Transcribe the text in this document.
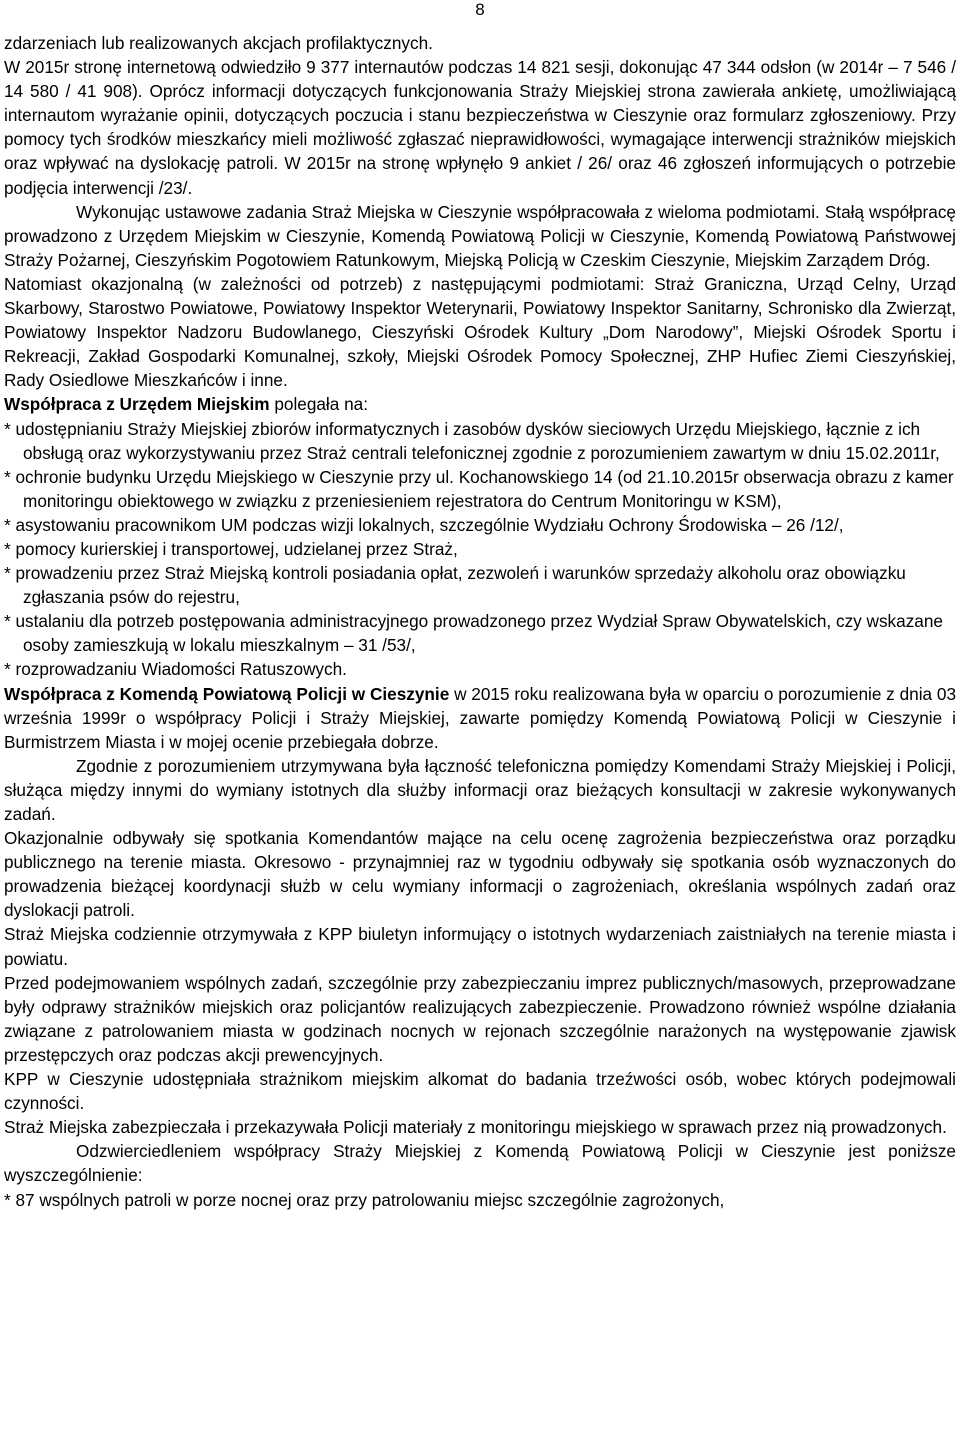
8

zdarzeniach lub realizowanych akcjach profilaktycznych.

W 2015r stronę internetową odwiedziło 9 377 internautów podczas 14 821 sesji, dokonując 47 344 odsłon (w 2014r – 7 546 / 14 580 / 41 908). Oprócz informacji dotyczących funkcjonowania Straży Miejskiej strona zawierała ankietę, umożliwiającą internautom wyrażanie opinii, dotyczących poczucia i stanu bezpieczeństwa w Cieszynie oraz formularz zgłoszeniowy. Przy pomocy tych środków mieszkańcy mieli możliwość zgłaszać nieprawidłowości, wymagające interwencji strażników miejskich oraz wpływać na dyslokację patroli. W 2015r na stronę wpłynęło 9 ankiet / 26/ oraz 46 zgłoszeń informujących o potrzebie podjęcia interwencji /23/.

Wykonując ustawowe zadania Straż Miejska w Cieszynie współpracowała z wieloma podmiotami. Stałą współpracę prowadzono z Urzędem Miejskim w Cieszynie, Komendą Powiatową Policji w Cieszynie, Komendą Powiatową Państwowej Straży Pożarnej, Cieszyńskim Pogotowiem Ratunkowym, Miejską Policją w Czeskim Cieszynie, Miejskim Zarządem Dróg.

Natomiast okazjonalną (w zależności od potrzeb) z następującymi podmiotami: Straż Graniczna, Urząd Celny, Urząd Skarbowy, Starostwo Powiatowe, Powiatowy Inspektor Weterynarii, Powiatowy Inspektor Sanitarny, Schronisko dla Zwierząt, Powiatowy Inspektor Nadzoru Budowlanego, Cieszyński Ośrodek Kultury „Dom Narodowy”, Miejski Ośrodek Sportu i Rekreacji, Zakład Gospodarki Komunalnej, szkoły, Miejski Ośrodek Pomocy Społecznej, ZHP Hufiec Ziemi Cieszyńskiej, Rady Osiedlowe Mieszkańców i inne.

Współpraca z Urzędem Miejskim polegała na:

* udostępnianiu Straży Miejskiej zbiorów informatycznych i zasobów dysków sieciowych Urzędu Miejskiego, łącznie z ich obsługą oraz wykorzystywaniu przez Straż centrali telefonicznej zgodnie z porozumieniem zawartym w dniu 15.02.2011r,

* ochronie budynku Urzędu Miejskiego w Cieszynie przy ul. Kochanowskiego 14 (od 21.10.2015r obserwacja obrazu z kamer monitoringu obiektowego w związku z przeniesieniem rejestratora do Centrum Monitoringu w KSM),

* asystowaniu pracownikom UM podczas wizji lokalnych, szczególnie Wydziału Ochrony Środowiska – 26 /12/,

* pomocy kurierskiej i transportowej, udzielanej przez Straż,

* prowadzeniu przez Straż Miejską kontroli posiadania opłat, zezwoleń i warunków sprzedaży alkoholu oraz obowiązku zgłaszania psów do rejestru,

* ustalaniu dla potrzeb postępowania administracyjnego prowadzonego przez Wydział Spraw Obywatelskich, czy wskazane osoby zamieszkują w lokalu mieszkalnym – 31 /53/,

* rozprowadzaniu Wiadomości Ratuszowych.

Współpraca z Komendą Powiatową Policji w Cieszynie w 2015 roku realizowana była w oparciu o porozumienie z dnia 03 września 1999r o współpracy Policji i Straży Miejskiej, zawarte pomiędzy Komendą Powiatową Policji w Cieszynie i Burmistrzem Miasta i w mojej ocenie przebiegała dobrze.

Zgodnie z porozumieniem utrzymywana była łączność telefoniczna pomiędzy Komendami Straży Miejskiej i Policji, służąca między innymi do wymiany istotnych dla służby informacji oraz bieżących konsultacji w zakresie wykonywanych zadań.

Okazjonalnie odbywały się spotkania Komendantów mające na celu ocenę zagrożenia bezpieczeństwa oraz porządku publicznego na terenie miasta. Okresowo - przynajmniej raz w tygodniu odbywały się spotkania osób wyznaczonych do prowadzenia bieżącej koordynacji służb w celu wymiany informacji o zagrożeniach, określania wspólnych zadań oraz dyslokacji patroli.

Straż Miejska codziennie otrzymywała z KPP biuletyn informujący o istotnych wydarzeniach zaistniałych na terenie miasta i powiatu.

Przed podejmowaniem wspólnych zadań, szczególnie przy zabezpieczaniu imprez publicznych/masowych, przeprowadzane były odprawy strażników miejskich oraz policjantów realizujących zabezpieczenie. Prowadzono również wspólne działania związane z patrolowaniem miasta w godzinach nocnych w rejonach szczególnie narażonych na występowanie zjawisk przestępczych oraz podczas akcji prewencyjnych.

KPP w Cieszynie udostępniała strażnikom miejskim alkomat do badania trzeźwości osób, wobec których podejmowali czynności.

Straż Miejska zabezpieczała i przekazywała Policji materiały z monitoringu miejskiego w sprawach przez nią prowadzonych.

Odzwierciedleniem współpracy Straży Miejskiej z Komendą Powiatową Policji w Cieszynie jest poniższe wyszczególnienie:

* 87 wspólnych patroli w porze nocnej oraz przy patrolowaniu miejsc szczególnie zagrożonych,
